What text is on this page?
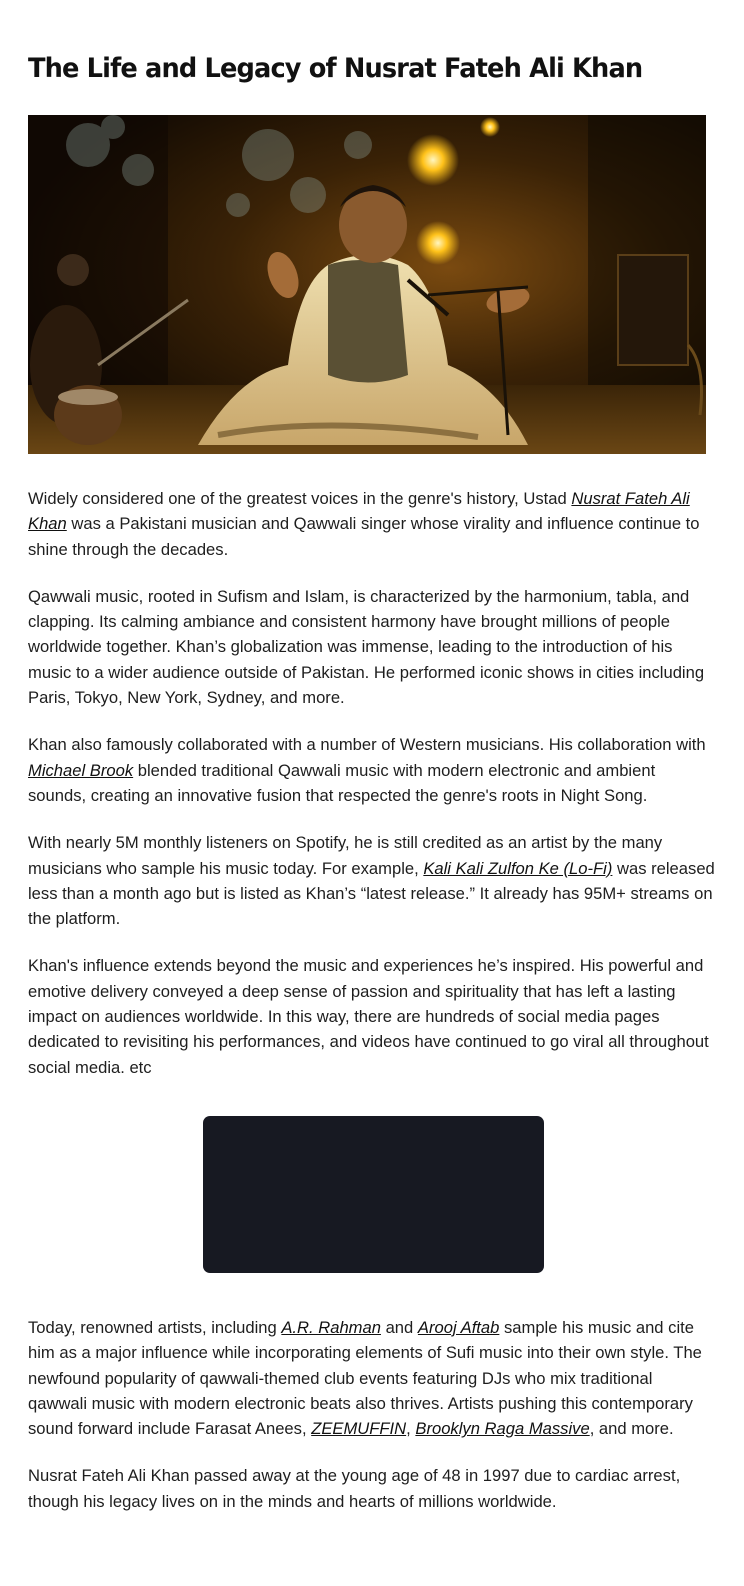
The Life and Legacy of Nusrat Fateh Ali Khan

Widely considered one of the greatest voices in the genre's history, Ustad Nusrat Fateh Ali Khan was a Pakistani musician and Qawwali singer whose virality and influence continue to shine through the decades.

Qawwali music, rooted in Sufism and Islam, is characterized by the harmonium, tabla, and clapping. Its calming ambiance and consistent harmony have brought millions of people worldwide together. Khan’s globalization was immense, leading to the introduction of his music to a wider audience outside of Pakistan. He performed iconic shows in cities including Paris, Tokyo, New York, Sydney, and more.

Khan also famously collaborated with a number of Western musicians. His collaboration with Michael Brook blended traditional Qawwali music with modern electronic and ambient sounds, creating an innovative fusion that respected the genre's roots in Night Song.

With nearly 5M monthly listeners on Spotify, he is still credited as an artist by the many musicians who sample his music today. For example, Kali Kali Zulfon Ke (Lo-Fi) was released less than a month ago but is listed as Khan’s “latest release.” It already has 95M+ streams on the platform.

Khan's influence extends beyond the music and experiences he’s inspired. His powerful and emotive delivery conveyed a deep sense of passion and spirituality that has left a lasting impact on audiences worldwide. In this way, there are hundreds of social media pages dedicated to revisiting his performances, and videos have continued to go viral all throughout social media. etc

Today, renowned artists, including A.R. Rahman and Arooj Aftab sample his music and cite him as a major influence while incorporating elements of Sufi music into their own style. The newfound popularity of qawwali-themed club events featuring DJs who mix traditional qawwali music with modern electronic beats also thrives. Artists pushing this contemporary sound forward include Farasat Anees, ZEEMUFFIN, Brooklyn Raga Massive, and more.

Nusrat Fateh Ali Khan passed away at the young age of 48 in 1997 due to cardiac arrest, though his legacy lives on in the minds and hearts of millions worldwide.
